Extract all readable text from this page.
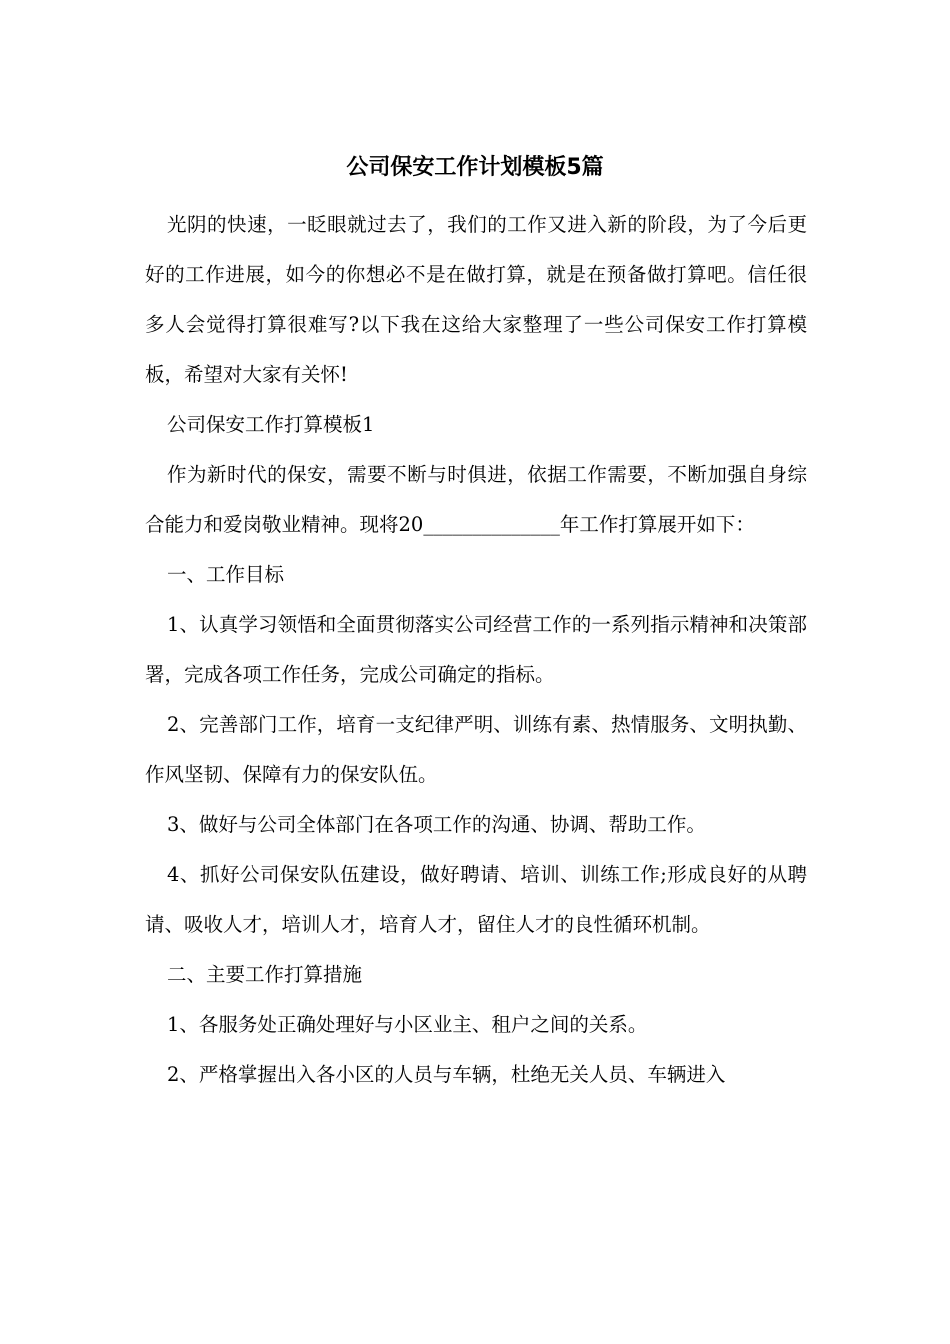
公司保安工作计划模板5篇

光阴的快速，一眨眼就过去了，我们的工作又进入新的阶段，为了今后更好的工作进展，如今的你想必不是在做打算，就是在预备做打算吧。信任很多人会觉得打算很难写?以下我在这给大家整理了一些公司保安工作打算模板，希望对大家有关怀!

公司保安工作打算模板1

作为新时代的保安，需要不断与时俱进，依据工作需要，不断加强自身综合能力和爱岗敬业精神。现将20______________年工作打算展开如下：

一、工作目标

1、认真学习领悟和全面贯彻落实公司经营工作的一系列指示精神和决策部署，完成各项工作任务，完成公司确定的指标。

2、完善部门工作，培育一支纪律严明、训练有素、热情服务、文明执勤、作风坚韧、保障有力的保安队伍。

3、做好与公司全体部门在各项工作的沟通、协调、帮助工作。

4、抓好公司保安队伍建设，做好聘请、培训、训练工作;形成良好的从聘请、吸收人才，培训人才，培育人才，留住人才的良性循环机制。

二、主要工作打算措施

1、各服务处正确处理好与小区业主、租户之间的关系。

2、严格掌握出入各小区的人员与车辆，杜绝无关人员、车辆进入
